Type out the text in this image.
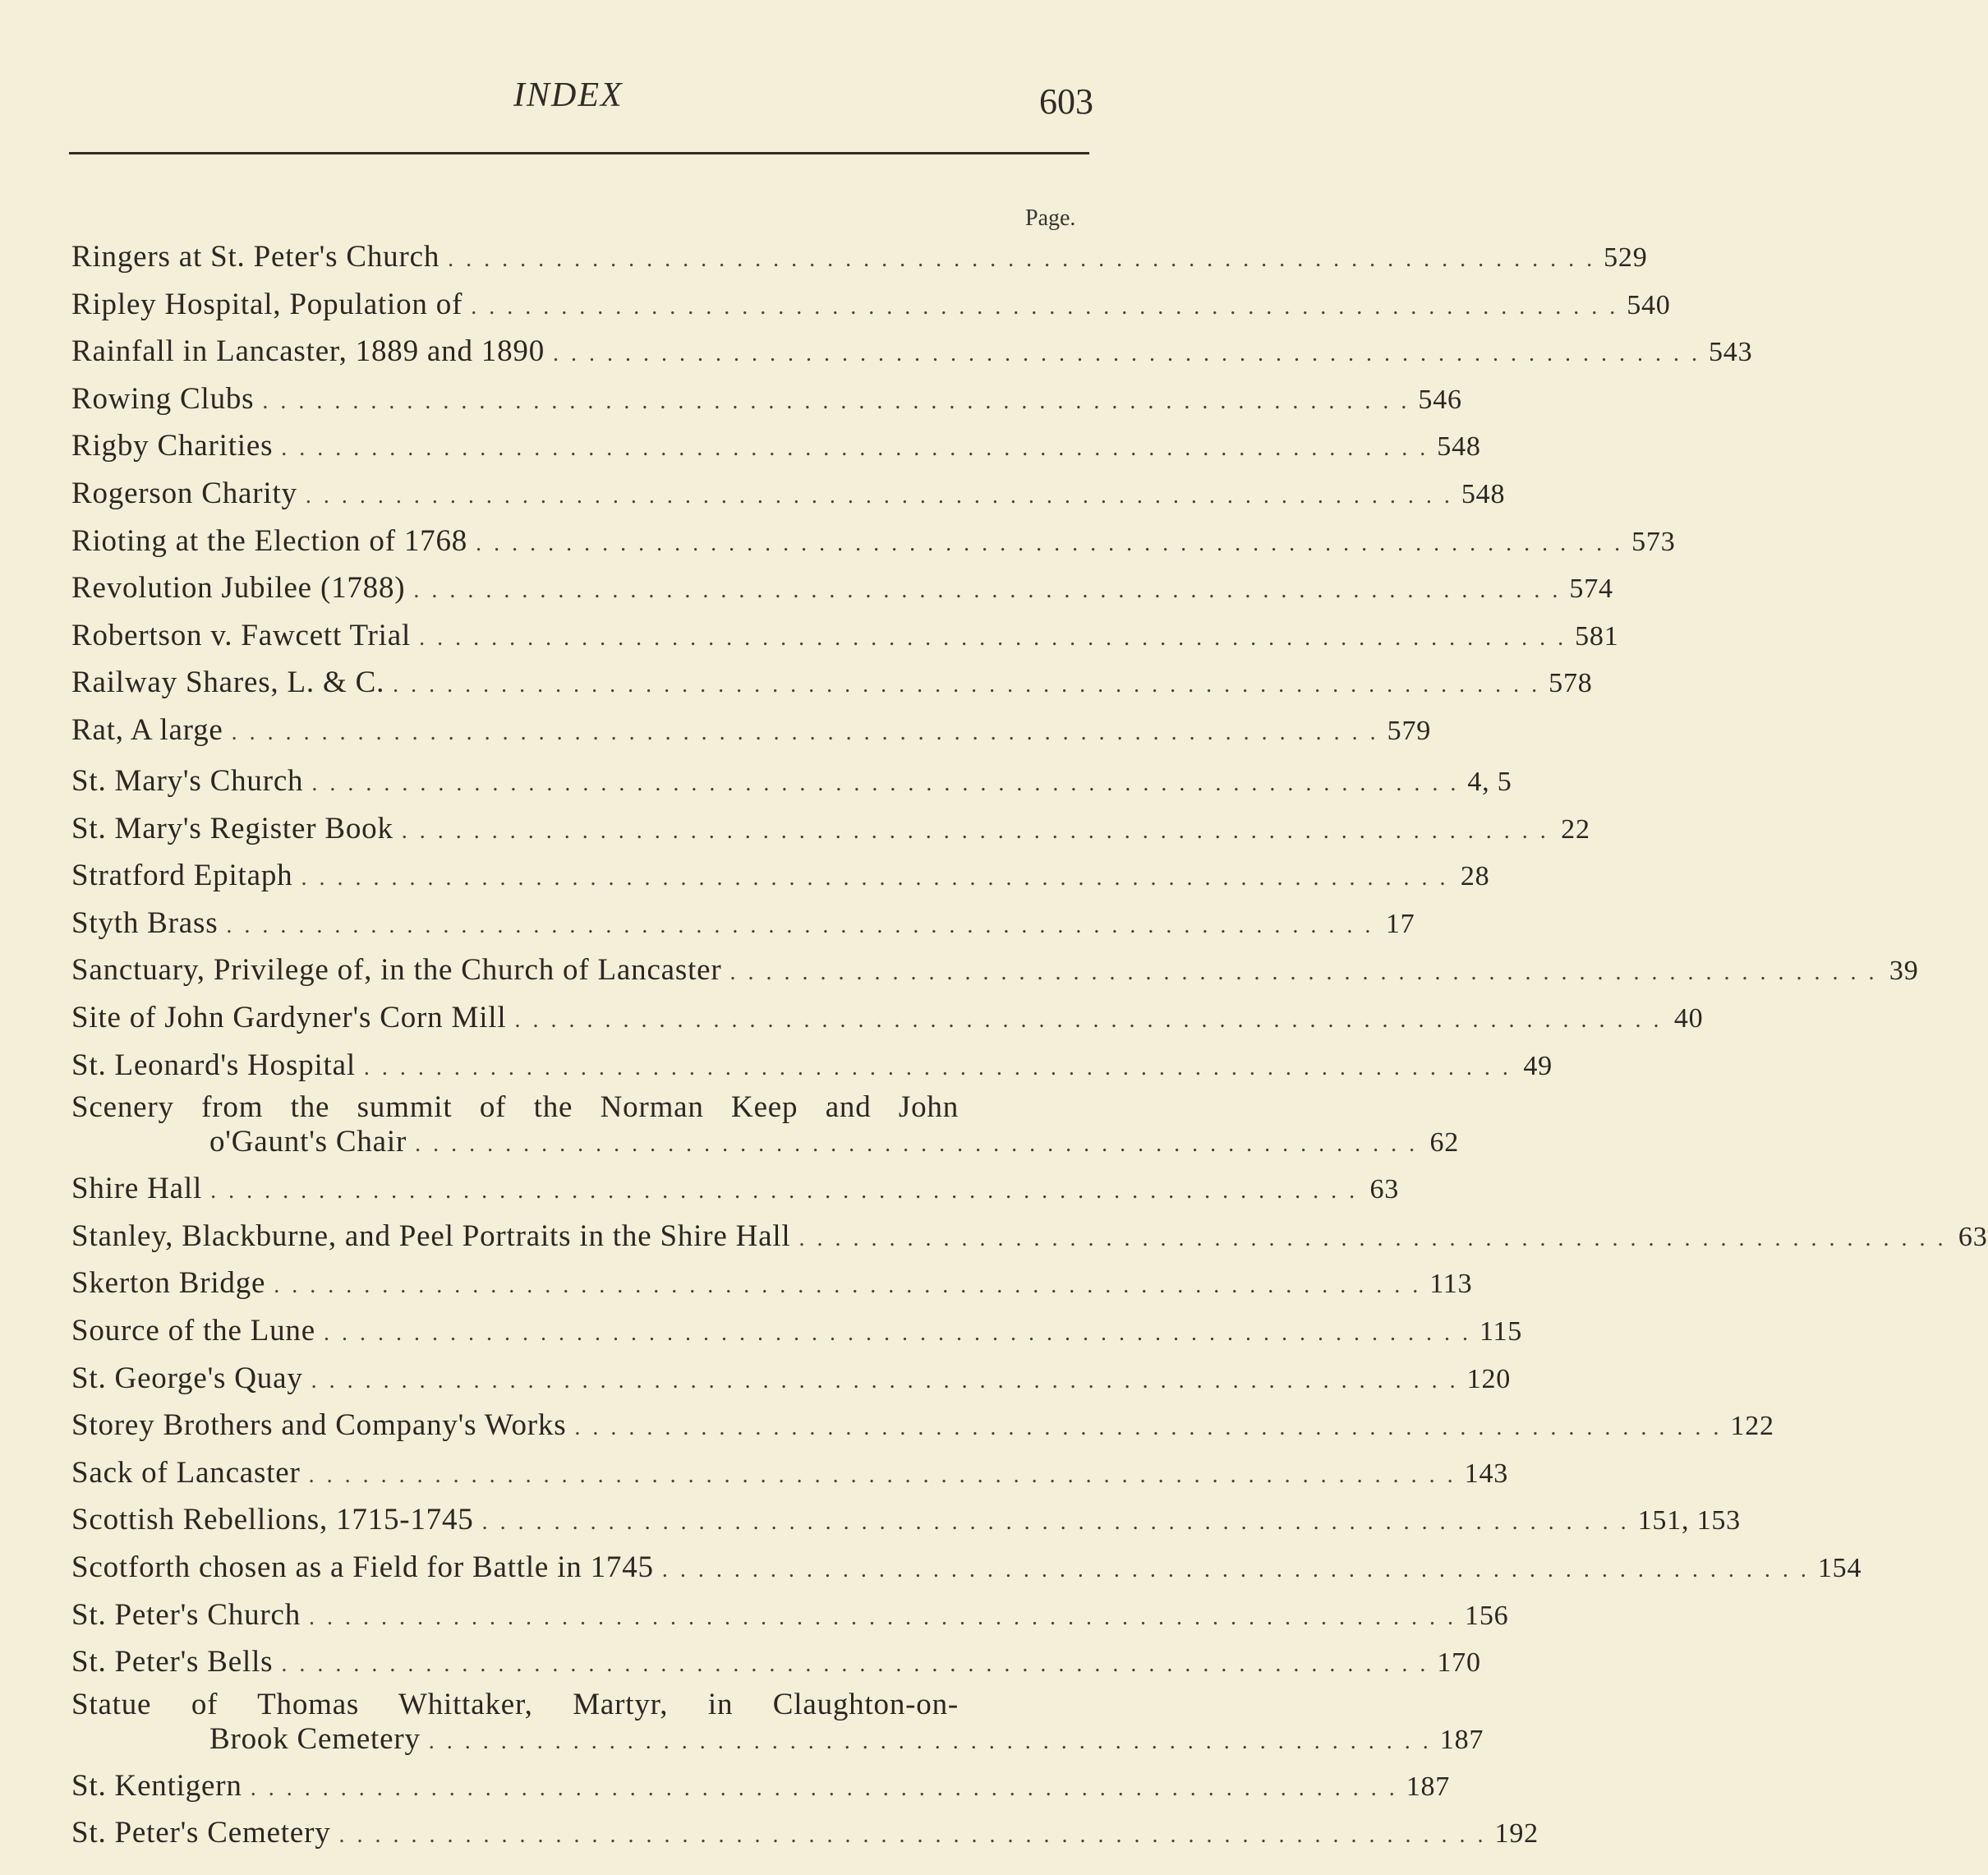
INDEX	603
Page.
Ringers at St. Peter's Church . . . . . . . . . . . . . . . . . . . . . . . . . . . . . . . . . . . . . . . . . . . . . . . . . . . . . . . . . . . . . . . . 529
Ripley Hospital, Population of . . . . . . . . . . . . . . . . . . . . . . . . . . . . . . . . . . . . . . . . . . . . . . . . . . . . . . . . . . . . . . . . 540
Rainfall in Lancaster, 1889 and 1890 . . . . . . . . . . . . . . . . . . . . . . . . . . . . . . . . . . . . . . . . . . . . . . . . . . . . . . . . . . . . . . . . 543
Rowing Clubs . . . . . . . . . . . . . . . . . . . . . . . . . . . . . . . . . . . . . . . . . . . . . . . . . . . . . . . . . . . . . . . . 546
Rigby Charities . . . . . . . . . . . . . . . . . . . . . . . . . . . . . . . . . . . . . . . . . . . . . . . . . . . . . . . . . . . . . . . . 548
Rogerson Charity . . . . . . . . . . . . . . . . . . . . . . . . . . . . . . . . . . . . . . . . . . . . . . . . . . . . . . . . . . . . . . . . 548
Rioting at the Election of 1768 . . . . . . . . . . . . . . . . . . . . . . . . . . . . . . . . . . . . . . . . . . . . . . . . . . . . . . . . . . . . . . . . 573
Revolution Jubilee (1788) . . . . . . . . . . . . . . . . . . . . . . . . . . . . . . . . . . . . . . . . . . . . . . . . . . . . . . . . . . . . . . . . 574
Robertson v. Fawcett Trial . . . . . . . . . . . . . . . . . . . . . . . . . . . . . . . . . . . . . . . . . . . . . . . . . . . . . . . . . . . . . . . . 581
Railway Shares, L. & C. . . . . . . . . . . . . . . . . . . . . . . . . . . . . . . . . . . . . . . . . . . . . . . . . . . . . . . . . . . . . . . . . 578
Rat, A large . . . . . . . . . . . . . . . . . . . . . . . . . . . . . . . . . . . . . . . . . . . . . . . . . . . . . . . . . . . . . . . . 579
St. Mary's Church . . . . . . . . . . . . . . . . . . . . . . . . . . . . . . . . . . . . . . . . . . . . . . . . . . . . . . . . . . . . . . . . 4, 5
St. Mary's Register Book . . . . . . . . . . . . . . . . . . . . . . . . . . . . . . . . . . . . . . . . . . . . . . . . . . . . . . . . . . . . . . . . 22
Stratford Epitaph . . . . . . . . . . . . . . . . . . . . . . . . . . . . . . . . . . . . . . . . . . . . . . . . . . . . . . . . . . . . . . . . 28
Styth Brass . . . . . . . . . . . . . . . . . . . . . . . . . . . . . . . . . . . . . . . . . . . . . . . . . . . . . . . . . . . . . . . . 17
Sanctuary, Privilege of, in the Church of Lancaster . . . . . . . . . . . . . . . . . . . . . . . . . . . . . . . . . . . . . . . . . . . . . . . . . . . . . . . . . . . . . . . . 39
Site of John Gardyner's Corn Mill . . . . . . . . . . . . . . . . . . . . . . . . . . . . . . . . . . . . . . . . . . . . . . . . . . . . . . . . . . . . . . . . 40
St. Leonard's Hospital . . . . . . . . . . . . . . . . . . . . . . . . . . . . . . . . . . . . . . . . . . . . . . . . . . . . . . . . . . . . . . . . 49
Scenery from the summit of the Norman Keep and John
o'Gaunt's Chair . . . . . . . . . . . . . . . . . . . . . . . . . . . . . . . . . . . . . . . . . . . . . . . . . . . . . . . . 62
Shire Hall . . . . . . . . . . . . . . . . . . . . . . . . . . . . . . . . . . . . . . . . . . . . . . . . . . . . . . . . . . . . . . . . 63
Stanley, Blackburne, and Peel Portraits in the Shire Hall . . . . . . . . . . . . . . . . . . . . . . . . . . . . . . . . . . . . . . . . . . . . . . . . . . . . . . . . . . . . . . . . 63
Skerton Bridge . . . . . . . . . . . . . . . . . . . . . . . . . . . . . . . . . . . . . . . . . . . . . . . . . . . . . . . . . . . . . . . . 113
Source of the Lune . . . . . . . . . . . . . . . . . . . . . . . . . . . . . . . . . . . . . . . . . . . . . . . . . . . . . . . . . . . . . . . . 115
St. George's Quay . . . . . . . . . . . . . . . . . . . . . . . . . . . . . . . . . . . . . . . . . . . . . . . . . . . . . . . . . . . . . . . . 120
Storey Brothers and Company's Works . . . . . . . . . . . . . . . . . . . . . . . . . . . . . . . . . . . . . . . . . . . . . . . . . . . . . . . . . . . . . . . . 122
Sack of Lancaster . . . . . . . . . . . . . . . . . . . . . . . . . . . . . . . . . . . . . . . . . . . . . . . . . . . . . . . . . . . . . . . . 143
Scottish Rebellions, 1715-1745 . . . . . . . . . . . . . . . . . . . . . . . . . . . . . . . . . . . . . . . . . . . . . . . . . . . . . . . . . . . . . . . . 151, 153
Scotforth chosen as a Field for Battle in 1745 . . . . . . . . . . . . . . . . . . . . . . . . . . . . . . . . . . . . . . . . . . . . . . . . . . . . . . . . . . . . . . . . 154
St. Peter's Church . . . . . . . . . . . . . . . . . . . . . . . . . . . . . . . . . . . . . . . . . . . . . . . . . . . . . . . . . . . . . . . . 156
St. Peter's Bells . . . . . . . . . . . . . . . . . . . . . . . . . . . . . . . . . . . . . . . . . . . . . . . . . . . . . . . . . . . . . . . . 170
Statue of Thomas Whittaker, Martyr, in Claughton-on-
Brook Cemetery . . . . . . . . . . . . . . . . . . . . . . . . . . . . . . . . . . . . . . . . . . . . . . . . . . . . . . . . 187
St. Kentigern . . . . . . . . . . . . . . . . . . . . . . . . . . . . . . . . . . . . . . . . . . . . . . . . . . . . . . . . . . . . . . . . 187
St. Peter's Cemetery . . . . . . . . . . . . . . . . . . . . . . . . . . . . . . . . . . . . . . . . . . . . . . . . . . . . . . . . . . . . . . . . 192
